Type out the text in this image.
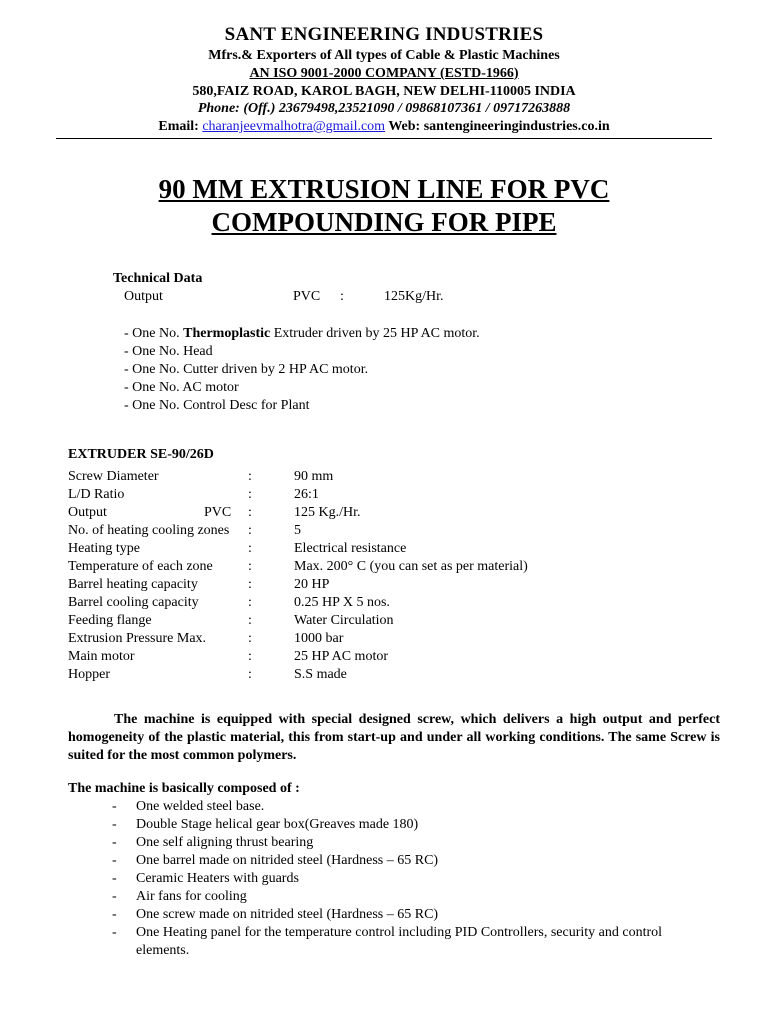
SANT ENGINEERING INDUSTRIES
Mfrs.& Exporters of All types of Cable & Plastic Machines
AN ISO 9001-2000 COMPANY (ESTD-1966)
580,FAIZ ROAD, KAROL BAGH, NEW DELHI-110005 INDIA
Phone: (Off.) 23679498,23521090 / 09868107361 / 09717263888
Email: charanjeevmalhotra@gmail.com Web: santengineeringindustries.co.in
90 MM EXTRUSION LINE FOR PVC
COMPOUNDING FOR PIPE
Technical Data
Output	PVC :	125Kg/Hr.
- One No. Thermoplastic Extruder driven by 25 HP AC motor.
- One No. Head
- One No. Cutter driven by 2 HP AC motor.
- One No. AC motor
- One No. Control Desc for Plant
EXTRUDER SE-90/26D
Screw Diameter	:	90 mm
L/D Ratio	:	26:1
Output	PVC :	125 Kg./Hr.
No. of heating cooling zones :	5
Heating type	:	Electrical resistance
Temperature of each zone	:	Max. 200° C (you can set as per material)
Barrel heating capacity	:	20 HP
Barrel cooling capacity	:	0.25 HP X 5 nos.
Feeding flange	:	Water Circulation
Extrusion Pressure Max.	:	1000 bar
Main motor	:	25 HP AC motor
Hopper	:	S.S made
The machine is equipped with special designed screw, which delivers a high output and perfect homogeneity of the plastic material, this from start-up and under all working conditions. The same Screw is suited for the most common polymers.
The machine is basically composed of :
- One welded steel base.
- Double Stage helical gear box(Greaves made 180)
- One self aligning thrust bearing
- One barrel made on nitrided steel (Hardness – 65 RC)
- Ceramic Heaters with guards
- Air fans for cooling
- One screw made on nitrided steel (Hardness – 65 RC)
- One Heating panel for the temperature control including PID Controllers, security and control elements.
